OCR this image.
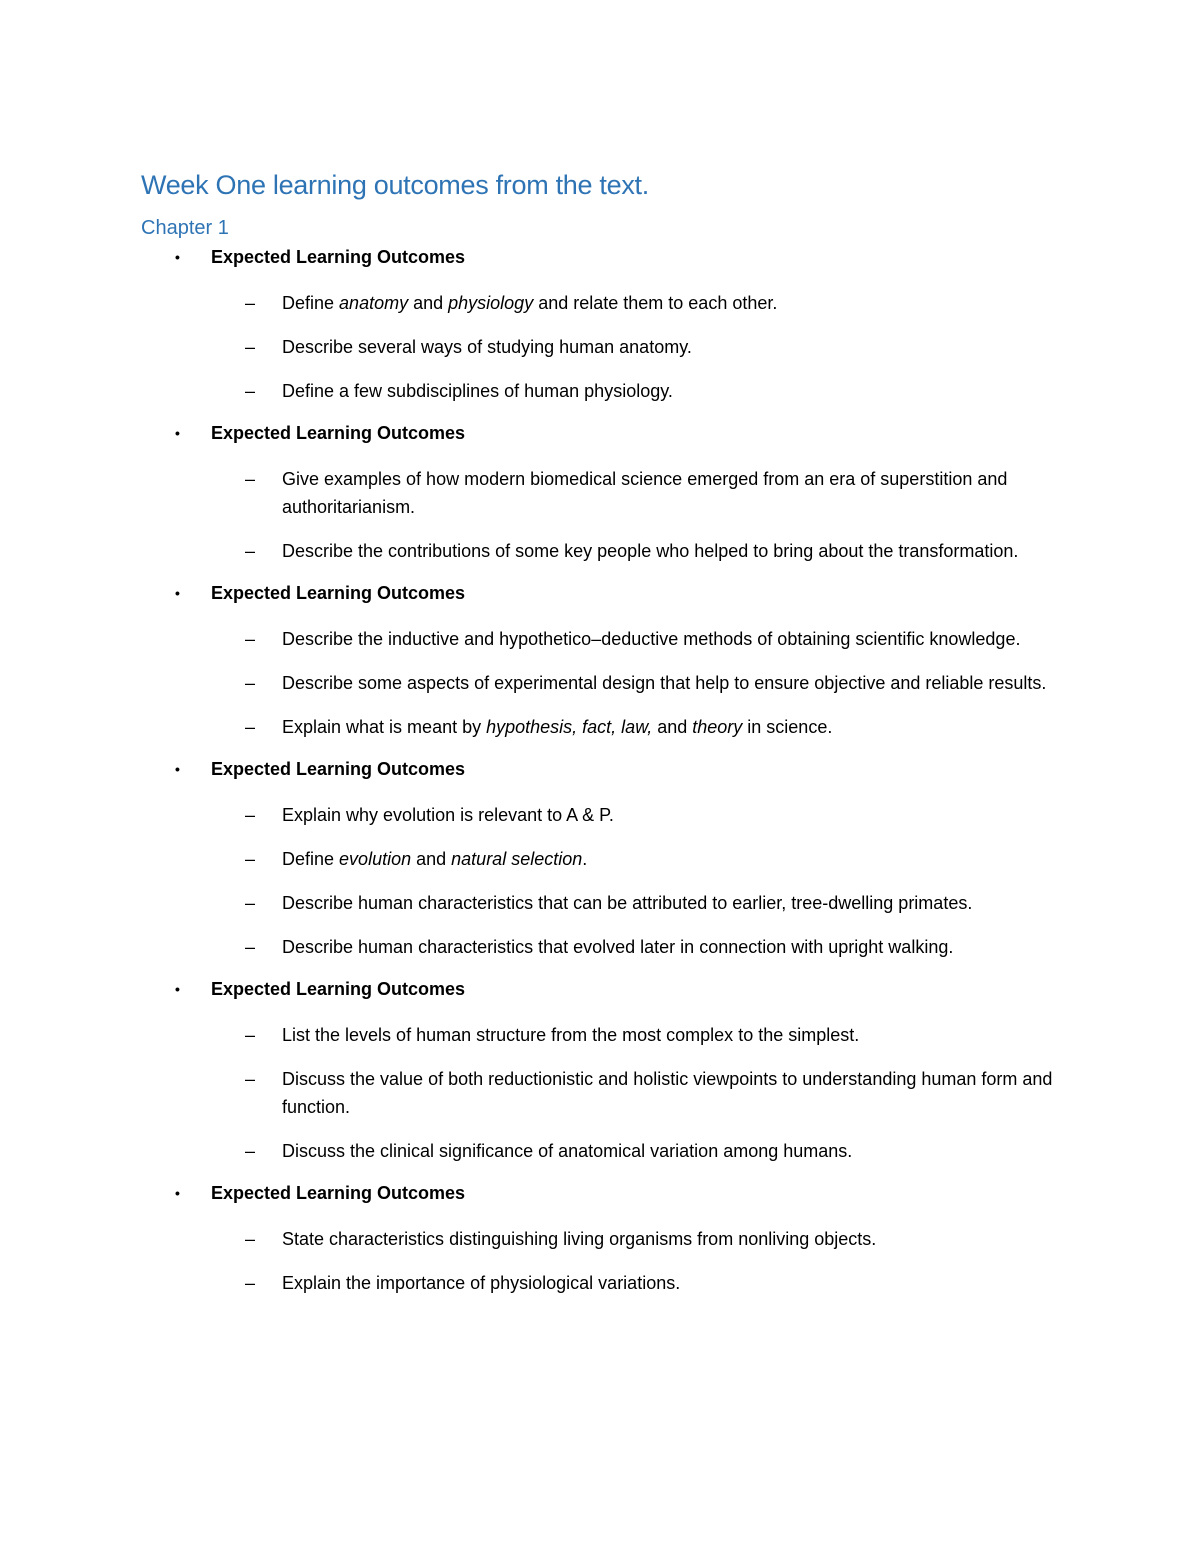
Week One learning outcomes from the text.
Chapter 1
• Expected Learning Outcomes
– Define anatomy and physiology and relate them to each other.
– Describe several ways of studying human anatomy.
– Define a few subdisciplines of human physiology.
• Expected Learning Outcomes
– Give examples of how modern biomedical science emerged from an era of superstition and authoritarianism.
– Describe the contributions of some key people who helped to bring about the transformation.
• Expected Learning Outcomes
– Describe the inductive and hypothetico–deductive methods of obtaining scientific knowledge.
– Describe some aspects of experimental design that help to ensure objective and reliable results.
– Explain what is meant by hypothesis, fact, law, and theory in science.
• Expected Learning Outcomes
– Explain why evolution is relevant to A & P.
– Define evolution and natural selection.
– Describe human characteristics that can be attributed to earlier, tree-dwelling primates.
– Describe human characteristics that evolved later in connection with upright walking.
• Expected Learning Outcomes
– List the levels of human structure from the most complex to the simplest.
– Discuss the value of both reductionistic and holistic viewpoints to understanding human form and function.
– Discuss the clinical significance of anatomical variation among humans.
• Expected Learning Outcomes
– State characteristics distinguishing living organisms from nonliving objects.
– Explain the importance of physiological variations.
